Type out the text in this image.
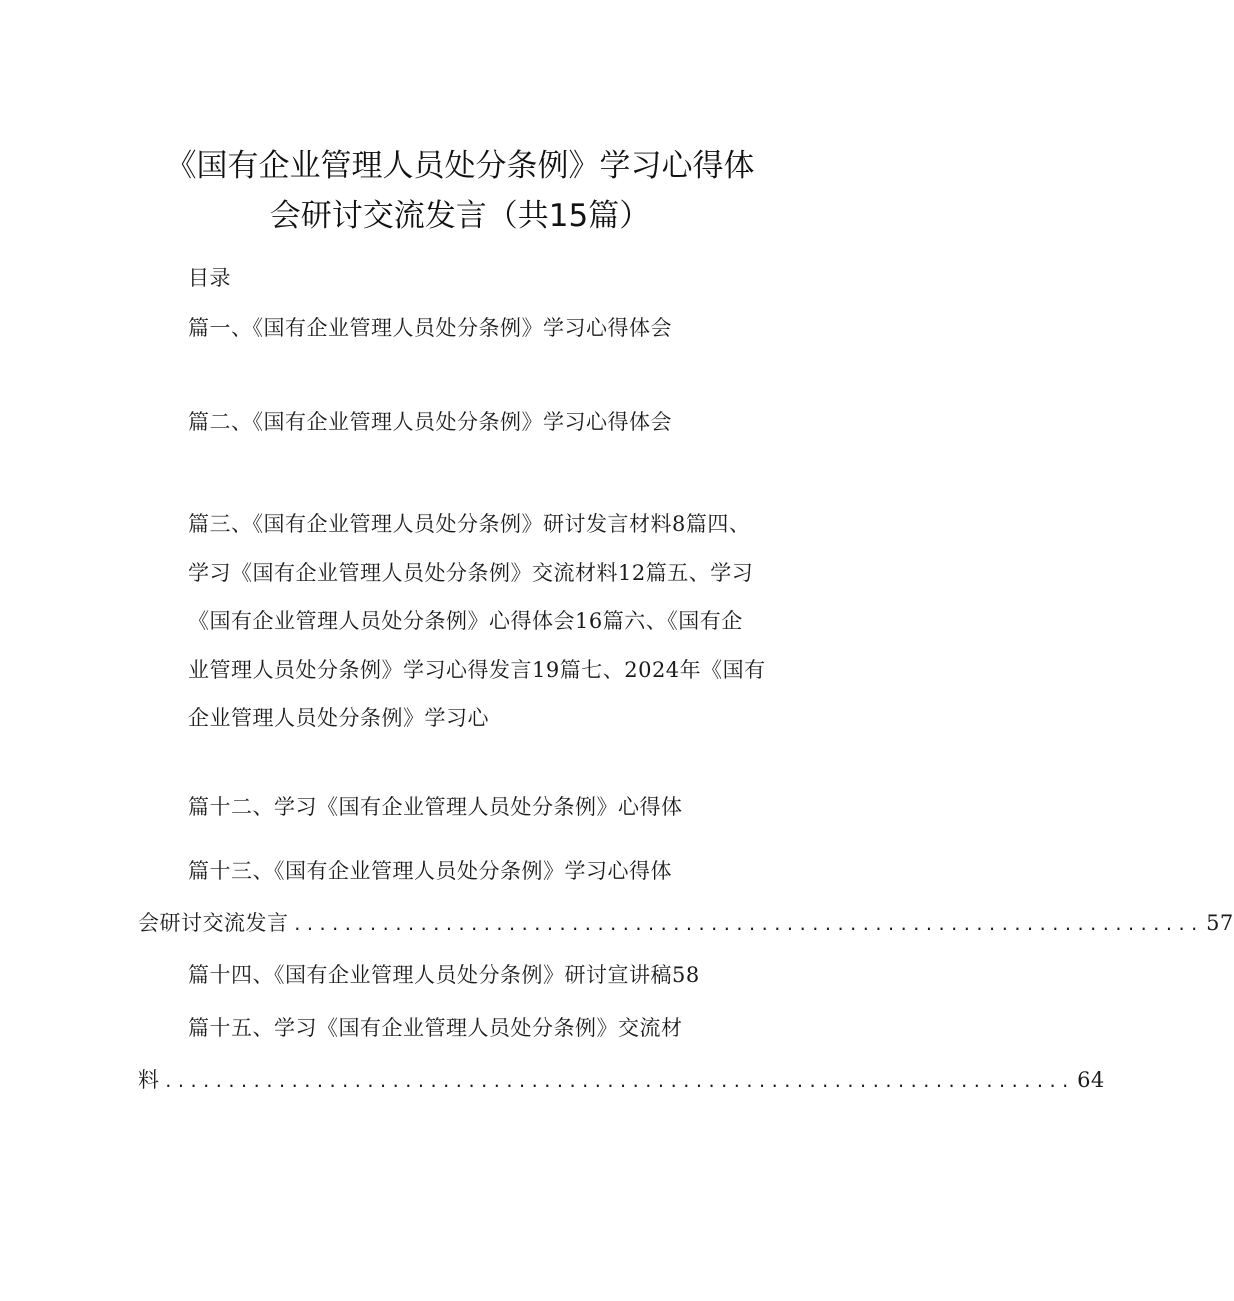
《国有企业管理人员处分条例》学习心得体
会研讨交流发言（共15篇）
目录
篇一、《国有企业管理人员处分条例》学习心得体会
篇二、《国有企业管理人员处分条例》学习心得体会
篇三、《国有企业管理人员处分条例》研讨发言材料8篇四、
学习《国有企业管理人员处分条例》交流材料12篇五、学习
《国有企业管理人员处分条例》心得体会16篇六、《国有企
业管理人员处分条例》学习心得发言19篇七、2024年《国有
企业管理人员处分条例》学习心
篇十二、学习《国有企业管理人员处分条例》心得体
篇十三、《国有企业管理人员处分条例》学习心得体
会研讨交流发言 ........................................................................ 57
篇十四、《国有企业管理人员处分条例》研讨宣讲稿58
篇十五、学习《国有企业管理人员处分条例》交流材
料 ........................................................................ 64
